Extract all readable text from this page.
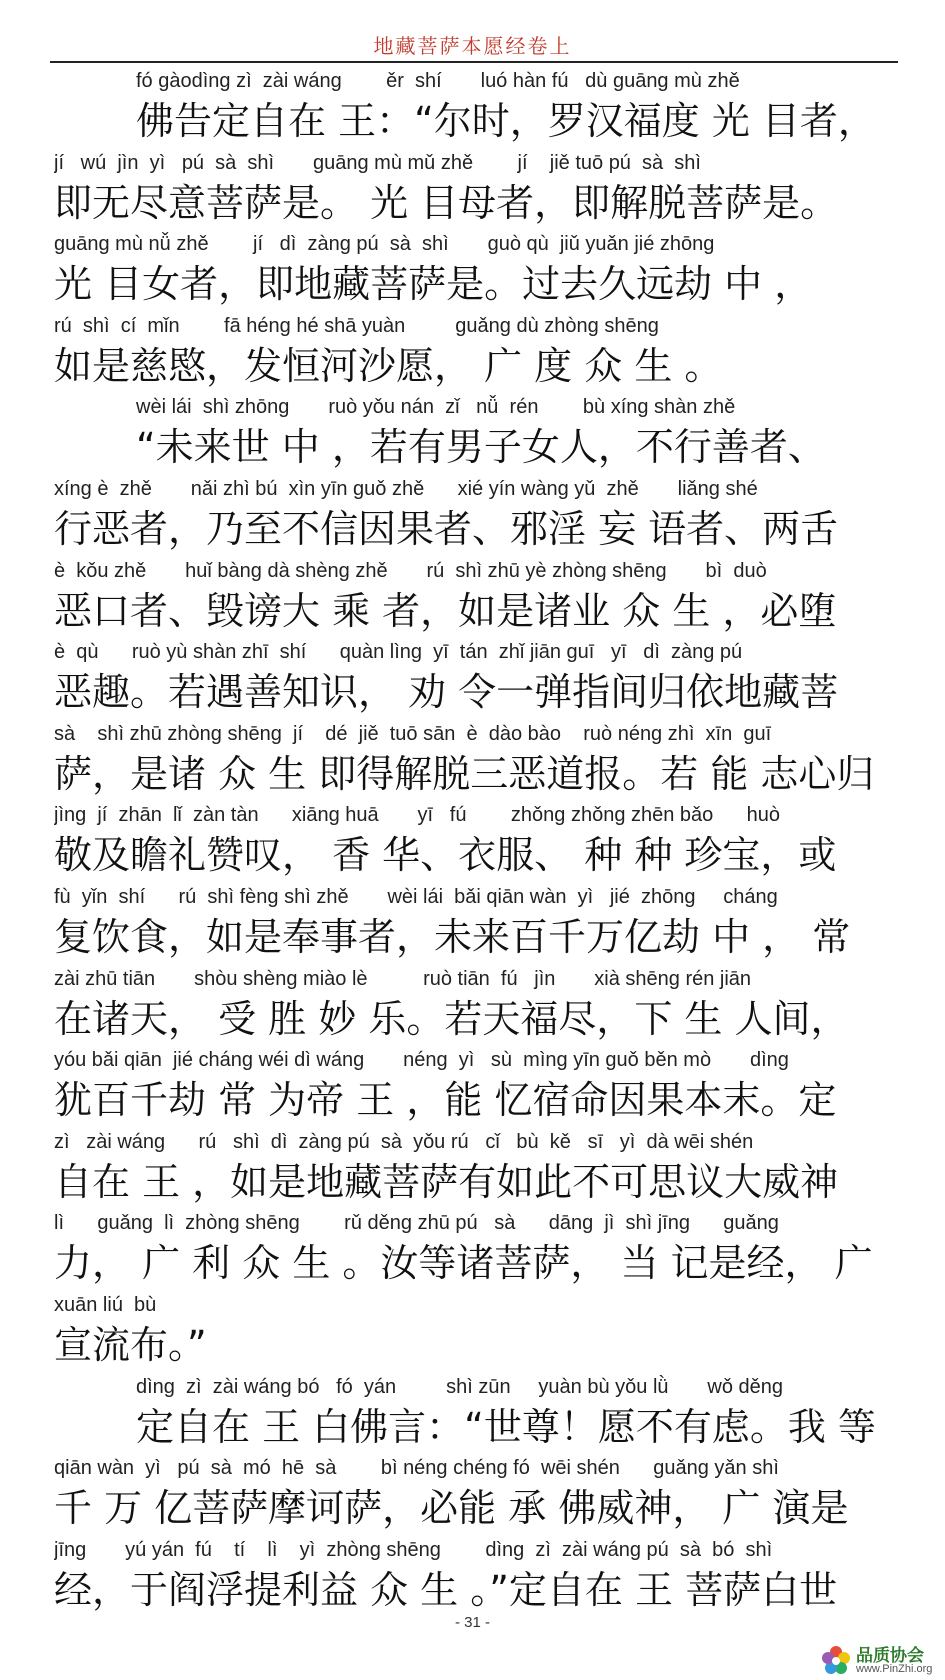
地藏菩萨本愿经卷上
fó gàodìng zì  zài wáng        ěr  shí       luó hàn fú   dù guāng mù zhě
佛告定自在 王：“尔时，罗汉福度 光 目者，
jí   wú  jìn  yì   pú  sà  shì       guāng mù mǔ zhě        jí    jiě tuō pú  sà  shì
即无尽意菩萨是。 光 目母者，即解脱菩萨是。
guāng mù nǚ zhě        jí   dì  zàng pú  sà  shì       guò qù  jiǔ yuǎn jié zhōng
光 目女者，即地藏菩萨是。过去久远劫 中 ，
rú  shì  cí  mǐn        fā héng hé shā yuàn         guǎng dù zhòng shēng
如是慈愍，发恒河沙愿， 广 度 众 生 。
wèi lái  shì zhōng       ruò yǒu nán  zǐ   nǚ  rén        bù xíng shàn zhě
“未来世 中 ，若有男子女人，不行善者、
xíng è  zhě       nǎi zhì bú  xìn yīn guǒ zhě      xié yín wàng yǔ  zhě       liǎng shé
行恶者，乃至不信因果者、邪淫 妄 语者、两舌
è  kǒu zhě       huǐ bàng dà shèng zhě       rú  shì zhū yè zhòng shēng       bì  duò
恶口者、毁谤大 乘 者，如是诸业 众 生 ，必堕
è  qù      ruò yù shàn zhī  shí      quàn lìng  yī  tán  zhǐ jiān guī   yī   dì  zàng pú
恶趣。若遇善知识， 劝 令一弹指间归依地藏菩
sà    shì zhū zhòng shēng  jí    dé  jiě  tuō sān  è  dào bào    ruò néng zhì  xīn  guī
萨，是诸 众 生 即得解脱三恶道报。若 能 志心归
jìng  jí  zhān  lǐ  zàn tàn      xiāng huā       yī   fú        zhǒng zhǒng zhēn bǎo      huò
敬及瞻礼赞叹， 香 华、衣服、 种 种 珍宝，或
fù  yǐn  shí      rú  shì fèng shì zhě       wèi lái  bǎi qiān wàn  yì   jié  zhōng     cháng
复饮食，如是奉事者，未来百千万亿劫 中 ， 常
zài zhū tiān       shòu shèng miào lè          ruò tiān  fú   jìn       xià shēng rén jiān
在诸天， 受 胜 妙 乐。若天福尽，下 生 人间，
yóu bǎi qiān  jié cháng wéi dì wáng       néng  yì   sù  mìng yīn guǒ běn mò       dìng
犹百千劫 常 为帝 王 ，能 忆宿命因果本末。定
zì   zài wáng      rú   shì  dì  zàng pú  sà  yǒu rú   cǐ   bù  kě   sī   yì  dà wēi shén
自在 王 ，如是地藏菩萨有如此不可思议大威神
lì      guǎng  lì  zhòng shēng        rǔ děng zhū pú   sà      dāng  jì  shì jīng      guǎng
力， 广 利 众 生 。汝等诸菩萨， 当 记是经， 广
xuān liú  bù
宣流布。”
dìng  zì  zài wáng bó   fó  yán         shì zūn     yuàn bù yǒu lǜ       wǒ děng
定自在 王 白佛言：“世尊！愿不有虑。我 等
qiān wàn  yì   pú  sà  mó  hē  sà        bì néng chéng fó  wēi shén      guǎng yǎn shì
千 万 亿菩萨摩诃萨，必能 承 佛威神， 广 演是
jīng       yú yán  fú    tí    lì    yì  zhòng shēng        dìng  zì  zài wáng pú  sà  bó  shì
经，于阎浮提利益 众 生 。”定自在 王 菩萨白世
- 31 -
品质协会
www.PinZhi.org
